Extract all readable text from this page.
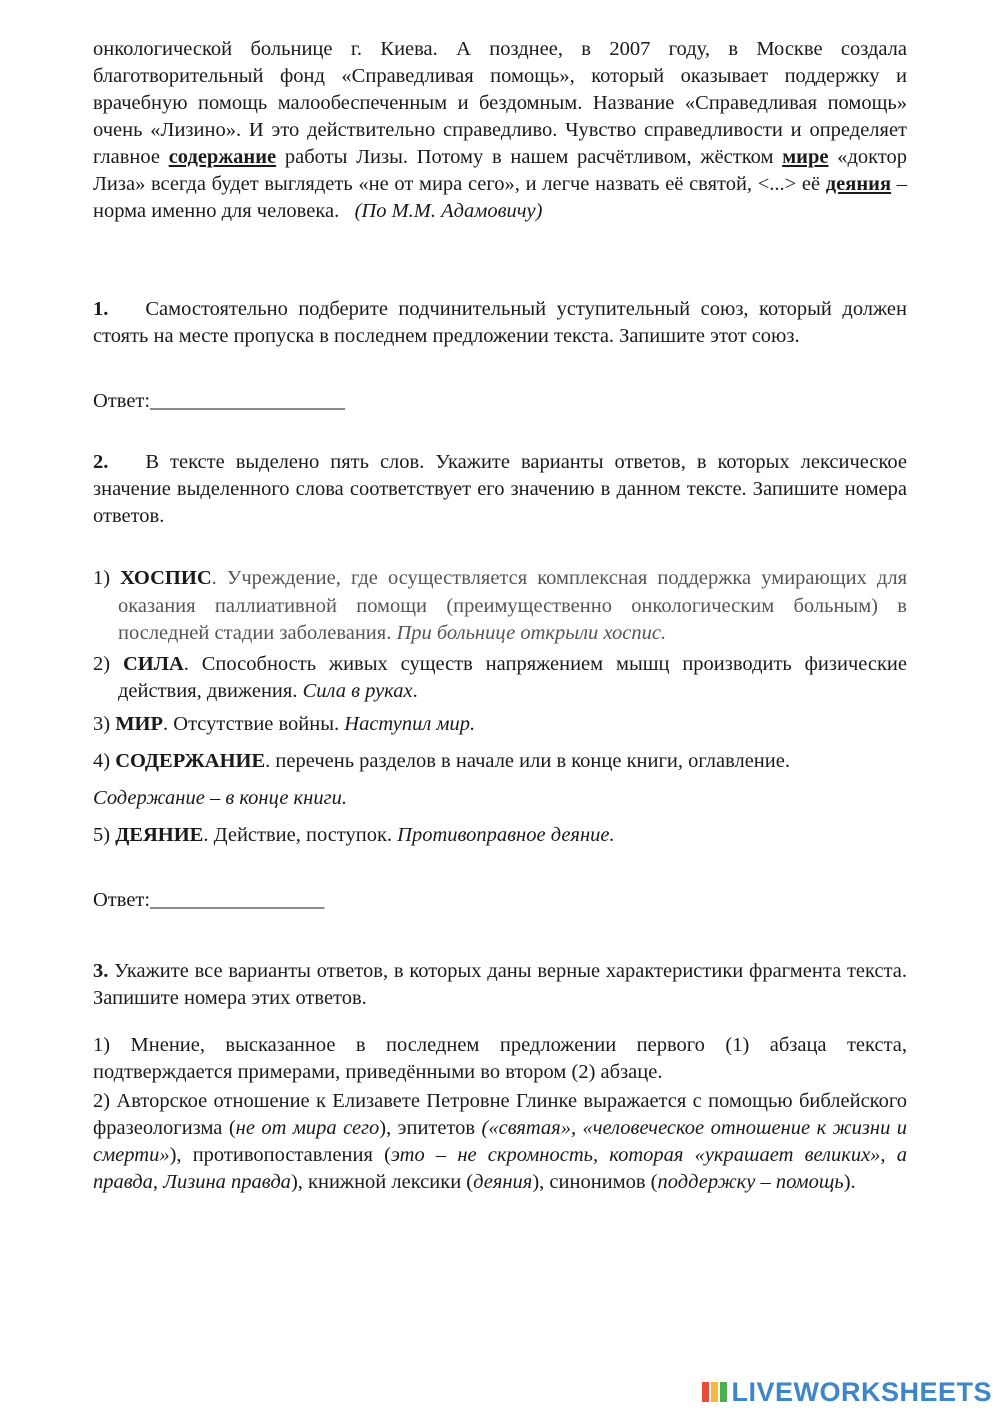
онкологической больнице г. Киева. А позднее, в 2007 году, в Москве создала благотворительный фонд «Справедливая помощь», который оказывает поддержку и врачебную помощь малообеспеченным и бездомным. Название «Справедливая помощь» очень «Лизино». И это действительно справедливо. Чувство справедливости и определяет главное содержание работы Лизы. Потому в нашем расчётливом, жёстком мире «доктор Лиза» всегда будет выглядеть «не от мира сего», и легче назвать её святой, <...> её деяния – норма именно для человека. (По М.М. Адамовичу)
1. Самостоятельно подберите подчинительный уступительный союз, который должен стоять на месте пропуска в последнем предложении текста. Запишите этот союз.
Ответ:___________________
2. В тексте выделено пять слов. Укажите варианты ответов, в которых лексическое значение выделенного слова соответствует его значению в данном тексте. Запишите номера ответов.
1) ХОСПИС. Учреждение, где осуществляется комплексная поддержка умирающих для оказания паллиативной помощи (преимущественно онкологическим больным) в последней стадии заболевания. При больнице открыли хоспис.
2) СИЛА. Способность живых существ напряжением мышц производить физические действия, движения. Сила в руках.
3) МИР. Отсутствие войны. Наступил мир.
4) СОДЕРЖАНИЕ. перечень разделов в начале или в конце книги, оглавление.
Содержание – в конце книги.
5) ДЕЯНИЕ. Действие, поступок. Противоправное деяние.
Ответ:_________________
3. Укажите все варианты ответов, в которых даны верные характеристики фрагмента текста. Запишите номера этих ответов.
1) Мнение, высказанное в последнем предложении первого (1) абзаца текста, подтверждается примерами, приведёнными во втором (2) абзаце.
2) Авторское отношение к Елизавете Петровне Глинке выражается с помощью библейского фразеологизма (не от мира сего), эпитетов («святая», «человеческое отношение к жизни и смерти»), противопоставления (это – не скромность, которая «украшает великих», а правда, Лизина правда), книжной лексики (деяния), синонимов (поддержку – помощь).
LIVEWORKSHEETS
